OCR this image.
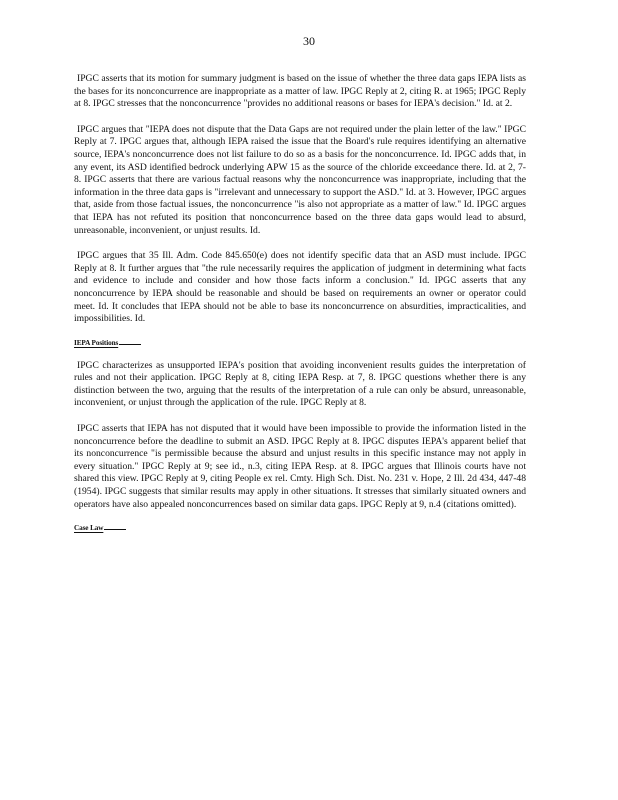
30

IPGC asserts that its motion for summary judgment is based on the issue of whether the three data gaps IEPA lists as the bases for its nonconcurrence are inappropriate as a matter of law. IPGC Reply at 2, citing R. at 1965; IPGC Reply at 8. IPGC stresses that the nonconcurrence "provides no additional reasons or bases for IEPA's decision." Id. at 2.

IPGC argues that "IEPA does not dispute that the Data Gaps are not required under the plain letter of the law." IPGC Reply at 7. IPGC argues that, although IEPA raised the issue that the Board's rule requires identifying an alternative source, IEPA's nonconcurrence does not list failure to do so as a basis for the nonconcurrence. Id. IPGC adds that, in any event, its ASD identified bedrock underlying APW 15 as the source of the chloride exceedance there. Id. at 2, 7-8. IPGC asserts that there are various factual reasons why the nonconcurrence was inappropriate, including that the information in the three data gaps is "irrelevant and unnecessary to support the ASD." Id. at 3. However, IPGC argues that, aside from those factual issues, the nonconcurrence "is also not appropriate as a matter of law." Id. IPGC argues that IEPA has not refuted its position that nonconcurrence based on the three data gaps would lead to absurd, unreasonable, inconvenient, or unjust results. Id.

IPGC argues that 35 Ill. Adm. Code 845.650(e) does not identify specific data that an ASD must include. IPGC Reply at 8. It further argues that "the rule necessarily requires the application of judgment in determining what facts and evidence to include and consider and how those facts inform a conclusion." Id. IPGC asserts that any nonconcurrence by IEPA should be reasonable and should be based on requirements an owner or operator could meet. Id. It concludes that IEPA should not be able to base its nonconcurrence on absurdities, impracticalities, and impossibilities. Id.

IEPA Positions

IPGC characterizes as unsupported IEPA's position that avoiding inconvenient results guides the interpretation of rules and not their application. IPGC Reply at 8, citing IEPA Resp. at 7, 8. IPGC questions whether there is any distinction between the two, arguing that the results of the interpretation of a rule can only be absurd, unreasonable, inconvenient, or unjust through the application of the rule. IPGC Reply at 8.

IPGC asserts that IEPA has not disputed that it would have been impossible to provide the information listed in the nonconcurrence before the deadline to submit an ASD. IPGC Reply at 8. IPGC disputes IEPA's apparent belief that its nonconcurrence "is permissible because the absurd and unjust results in this specific instance may not apply in every situation." IPGC Reply at 9; see id., n.3, citing IEPA Resp. at 8. IPGC argues that Illinois courts have not shared this view. IPGC Reply at 9, citing People ex rel. Cmty. High Sch. Dist. No. 231 v. Hope, 2 Ill. 2d 434, 447-48 (1954). IPGC suggests that similar results may apply in other situations. It stresses that similarly situated owners and operators have also appealed nonconcurrences based on similar data gaps. IPGC Reply at 9, n.4 (citations omitted).

Case Law
